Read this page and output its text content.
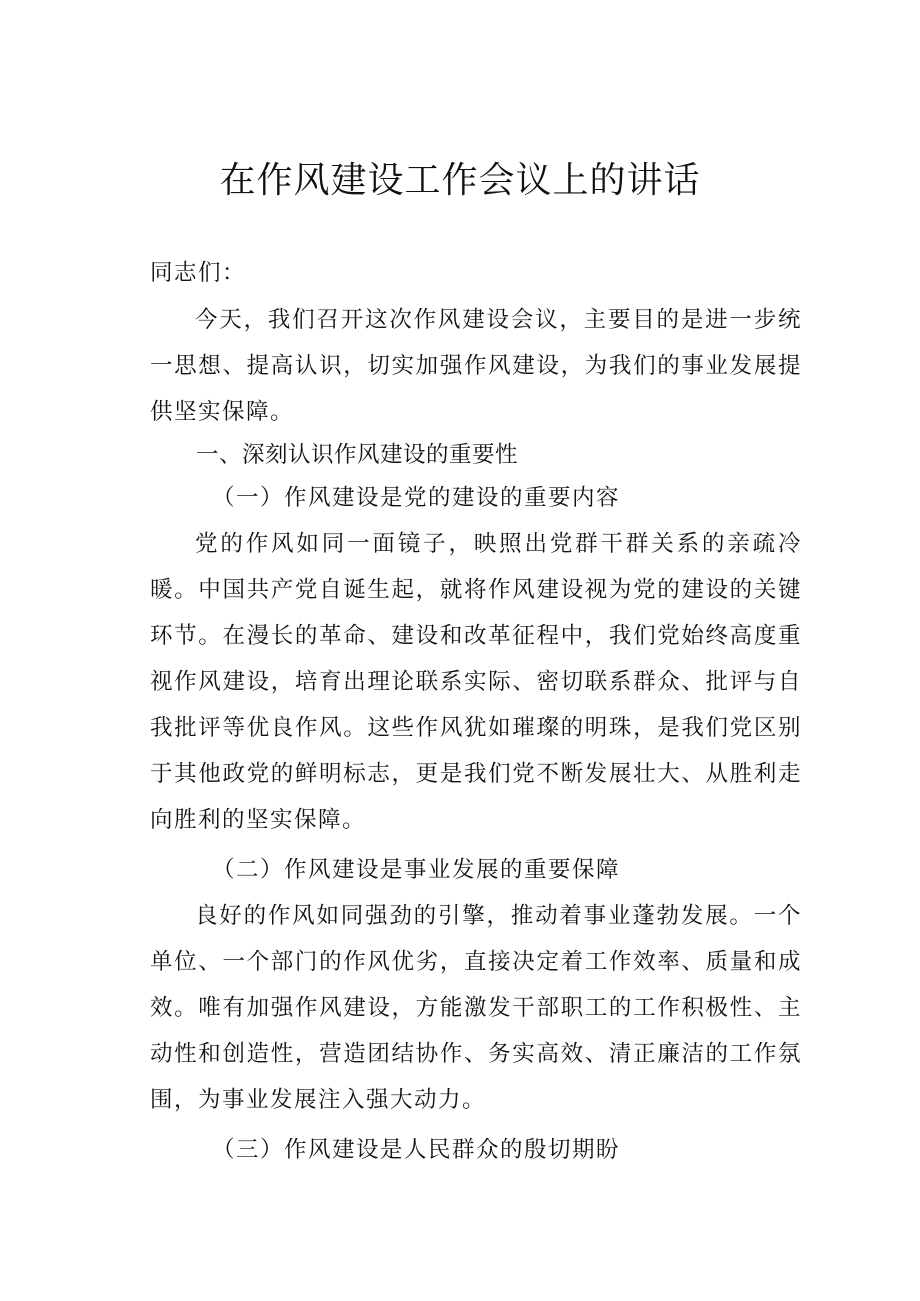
在作风建设工作会议上的讲话

同志们：

今天，我们召开这次作风建设会议，主要目的是进一步统一思想、提高认识，切实加强作风建设，为我们的事业发展提供坚实保障。

一、深刻认识作风建设的重要性

（一）作风建设是党的建设的重要内容

党的作风如同一面镜子，映照出党群干群关系的亲疏冷暖。中国共产党自诞生起，就将作风建设视为党的建设的关键环节。在漫长的革命、建设和改革征程中，我们党始终高度重视作风建设，培育出理论联系实际、密切联系群众、批评与自我批评等优良作风。这些作风犹如璀璨的明珠，是我们党区别于其他政党的鲜明标志，更是我们党不断发展壮大、从胜利走向胜利的坚实保障。

（二）作风建设是事业发展的重要保障

良好的作风如同强劲的引擎，推动着事业蓬勃发展。一个单位、一个部门的作风优劣，直接决定着工作效率、质量和成效。唯有加强作风建设，方能激发干部职工的工作积极性、主动性和创造性，营造团结协作、务实高效、清正廉洁的工作氛围，为事业发展注入强大动力。

（三）作风建设是人民群众的殷切期盼
